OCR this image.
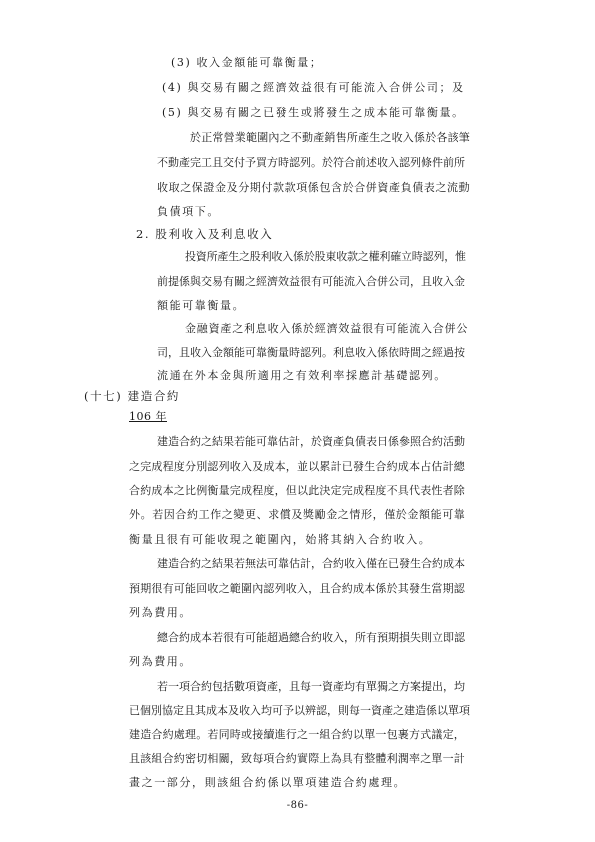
(3) 收入金額能可靠衡量；
(4) 與交易有關之經濟效益很有可能流入合併公司；及
(5) 與交易有關之已發生或將發生之成本能可靠衡量。
於正常營業範圍內之不動產銷售所產生之收入係於各該筆
不動產完工且交付予買方時認列。於符合前述收入認列條件前所
收取之保證金及分期付款款項係包含於合併資產負債表之流動
負債項下。
2. 股利收入及利息收入
投資所產生之股利收入係於股東收款之權利確立時認列，惟
前提係與交易有關之經濟效益很有可能流入合併公司，且收入金
額能可靠衡量。
金融資產之利息收入係於經濟效益很有可能流入合併公
司，且收入金額能可靠衡量時認列。利息收入係依時間之經過按
流通在外本金與所適用之有效利率採應計基礎認列。
(十七) 建造合約
106 年
建造合約之結果若能可靠估計，於資產負債表日係參照合約活動
之完成程度分別認列收入及成本，並以累計已發生合約成本占估計總
合約成本之比例衡量完成程度，但以此決定完成程度不具代表性者除
外。若因合約工作之變更、求償及獎勵金之情形，僅於金額能可靠
衡量且很有可能收現之範圍內，始將其納入合約收入。
建造合約之結果若無法可靠估計，合約收入僅在已發生合約成本
預期很有可能回收之範圍內認列收入，且合約成本係於其發生當期認
列為費用。
總合約成本若很有可能超過總合約收入，所有預期損失則立即認
列為費用。
若一項合約包括數項資產，且每一資產均有單獨之方案提出，均
已個別協定且其成本及收入均可予以辨認，則每一資產之建造係以單項
建造合約處理。若同時或接續進行之一組合約以單一包裹方式議定，
且該組合約密切相關，致每項合約實際上為具有整體利潤率之單一計
畫之一部分，則該組合約係以單項建造合約處理。
-86-
